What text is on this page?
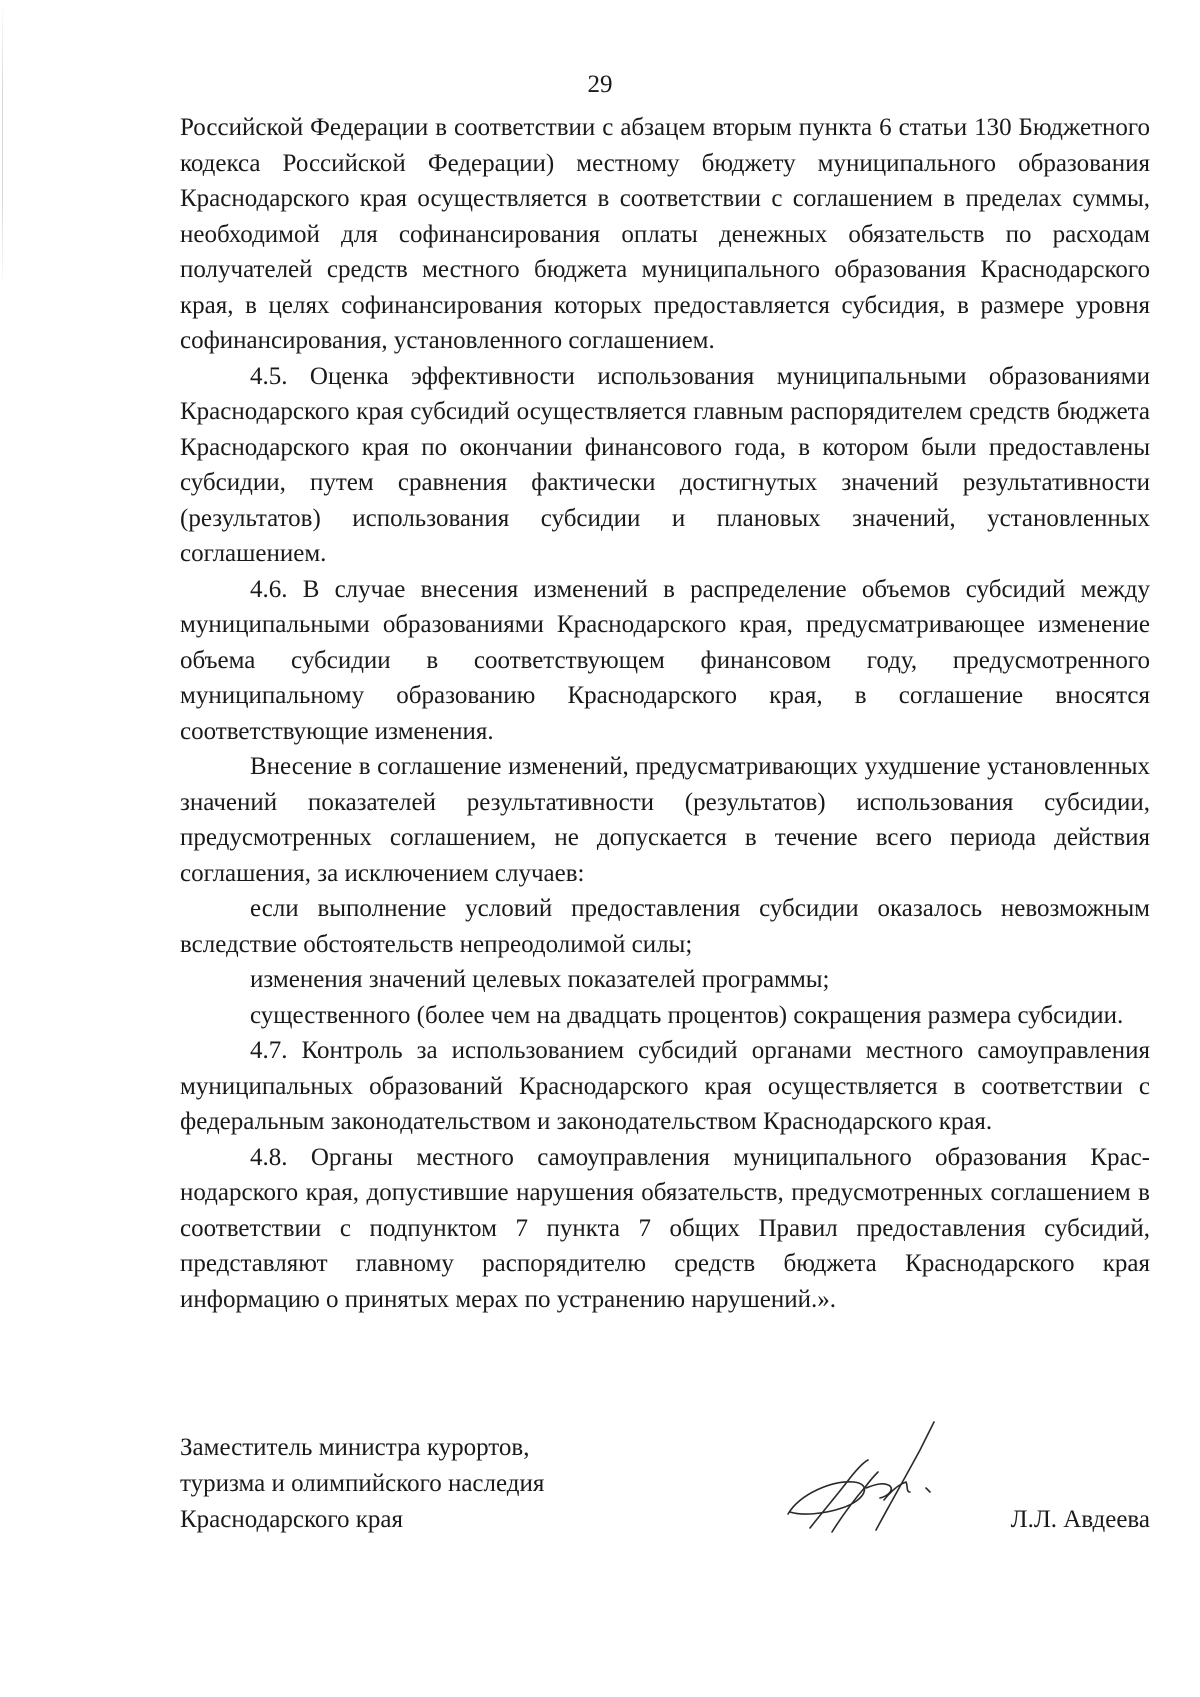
29

Российской Федерации в соответствии с абзацем вторым пункта 6 статьи 130 Бюджетного кодекса Российской Федерации) местному бюджету муниципального образования Краснодарского края осуществляется в соответствии с соглашением в пределах суммы, необходимой для софинансирования оплаты денежных обязательств по расходам получателей средств местного бюджета муниципального образования Краснодарского края, в целях софинансирования которых предоставляется субсидия, в размере уровня софинансирования, установленного соглашением.

4.5. Оценка эффективности использования муниципальными образованиями Краснодарского края субсидий осуществляется главным распорядителем средств бюджета Краснодарского края по окончании финансового года, в котором были предоставлены субсидии, путем сравнения фактически достигнутых значений результативности (результатов) использования субсидии и плановых значений, установленных соглашением.

4.6. В случае внесения изменений в распределение объемов субсидий между муниципальными образованиями Краснодарского края, предусматривающее изменение объема субсидии в соответствующем финансовом году, предусмотренного муниципальному образованию Краснодарского края, в соглашение вносятся соответствующие изменения.

Внесение в соглашение изменений, предусматривающих ухудшение установленных значений показателей результативности (результатов) использования субсидии, предусмотренных соглашением, не допускается в течение всего периода действия соглашения, за исключением случаев:

если выполнение условий предоставления субсидии оказалось невозможным вследствие обстоятельств непреодолимой силы;

изменения значений целевых показателей программы;

существенного (более чем на двадцать процентов) сокращения размера субсидии.

4.7. Контроль за использованием субсидий органами местного самоуправления муниципальных образований Краснодарского края осуществляется в соответствии с федеральным законодательством и законодательством Краснодарского края.

4.8. Органы местного самоуправления муниципального образования Краснодарского края, допустившие нарушения обязательств, предусмотренных соглашением в соответствии с подпунктом 7 пункта 7 общих Правил предоставления субсидий, представляют главному распорядителю средств бюджета Краснодарского края информацию о принятых мерах по устранению нарушений.».

Заместитель министра курортов,
туризма и олимпийского наследия
Краснодарского края	Л.Л. Авдеева
